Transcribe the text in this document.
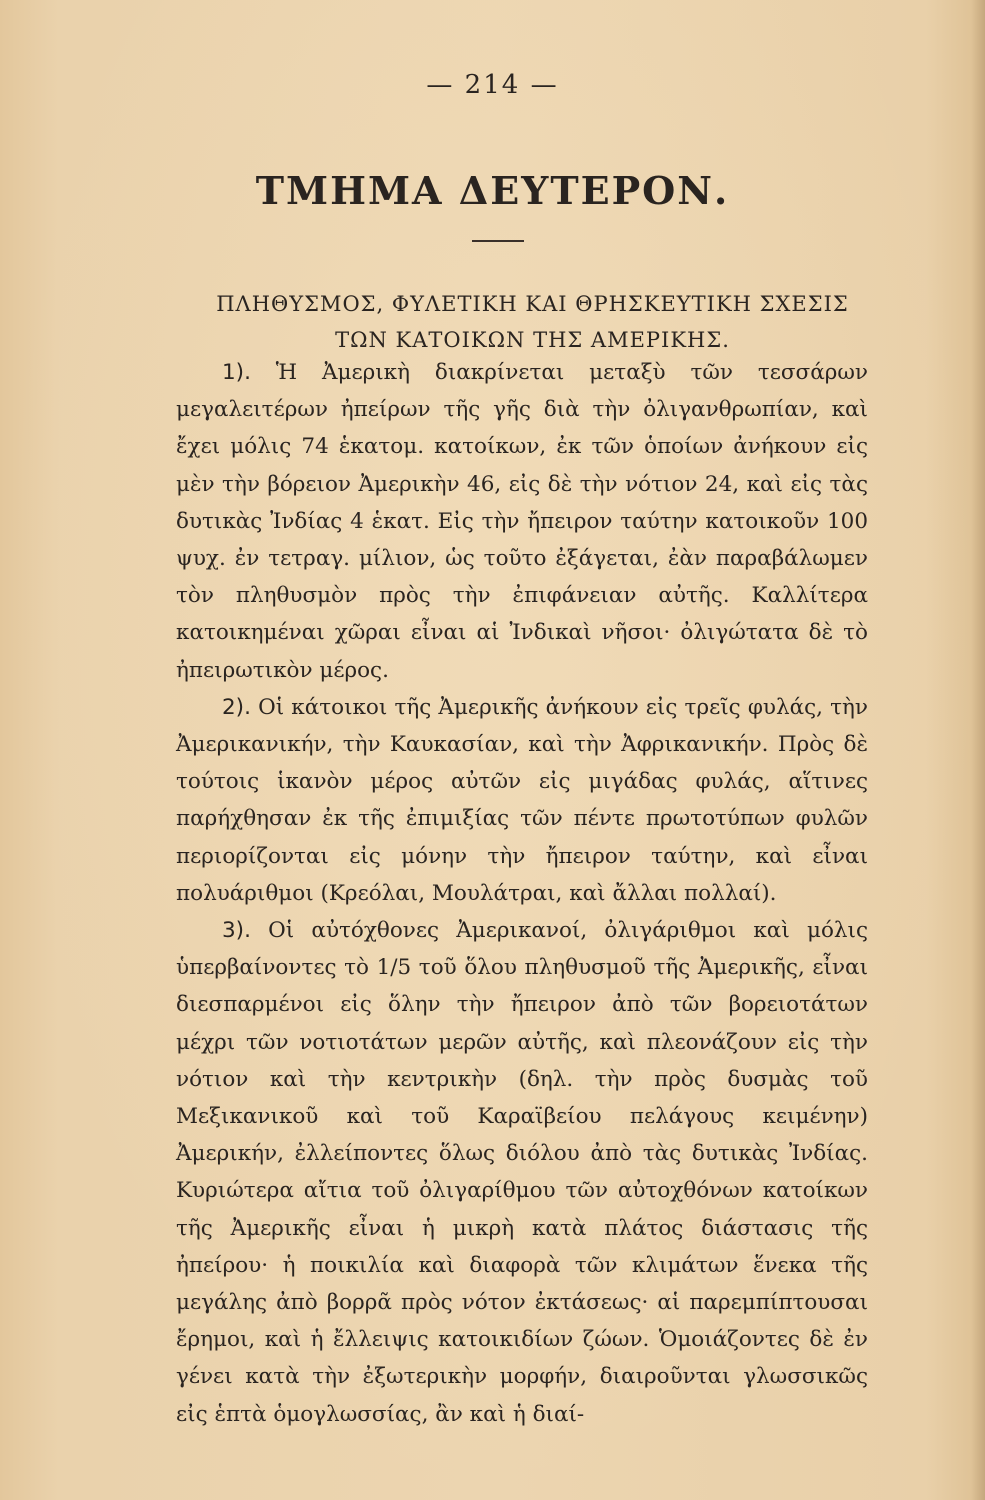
— 214 —
ΤΜΗΜΑ ΔΕΥΤΕΡΟΝ.
ΠΛΗΘΥΣΜΟΣ, ΦΥΛΕΤΙΚΗ ΚΑΙ ΘΡΗΣΚΕΥΤΙΚΗ ΣΧΕΣΙΣ ΤΩΝ ΚΑΤΟΙΚΩΝ ΤΗΣ ΑΜΕΡΙΚΗΣ.

1). Ἡ Ἀμερικὴ διακρίνεται μεταξὺ τῶν τεσσάρων μεγαλειτέρων ἠπείρων τῆς γῆς διὰ τὴν ὀλιγανθρωπίαν, καὶ ἔχει μόλις 74 ἑκατομ. κατοίκων, ἐκ τῶν ὁποίων ἀνήκουν εἰς μὲν τὴν βόρειον Ἀμερικὴν 46, εἰς δὲ τὴν νότιον 24, καὶ εἰς τὰς δυτικὰς Ἰνδίας 4 ἑκατ. Εἰς τὴν ἤπειρον ταύτην κατοικοῦν 100 ψυχ. ἐν τετραγ. μίλιον, ὡς τοῦτο ἐξάγεται, ἐὰν παραβάλωμεν τὸν πληθυσμὸν πρὸς τὴν ἐπιφάνειαν αὐτῆς. Καλλίτερα κατοικημέναι χῶραι εἶναι αἱ Ἰνδικαὶ νῆσοι· ὀλιγώτατα δὲ τὸ ἠπειρωτικὸν μέρος.

2). Οἱ κάτοικοι τῆς Ἀμερικῆς ἀνήκουν εἰς τρεῖς φυλάς, τὴν Ἀμερικανικήν, τὴν Καυκασίαν, καὶ τὴν Ἀφρικανικήν. Πρὸς δὲ τούτοις ἱκανὸν μέρος αὐτῶν εἰς μιγάδας φυλάς, αἵτινες παρήχθησαν ἐκ τῆς ἐπιμιξίας τῶν πέντε πρωτοτύπων φυλῶν περιορίζονται εἰς μόνην τὴν ἤπειρον ταύτην, καὶ εἶναι πολυάριθμοι (Κρεόλαι, Μουλάτραι, καὶ ἄλλαι πολλαί).

3). Οἱ αὐτόχθονες Ἀμερικανοί, ὀλιγάριθμοι καὶ μόλις ὑπερβαίνοντες τὸ 1/5 τοῦ ὅλου πληθυσμοῦ τῆς Ἀμερικῆς, εἶναι διεσπαρμένοι εἰς ὅλην τὴν ἤπειρον ἀπὸ τῶν βορειοτάτων μέχρι τῶν νοτιοτάτων μερῶν αὐτῆς, καὶ πλεονάζουν εἰς τὴν νότιον καὶ τὴν κεντρικὴν (δηλ. τὴν πρὸς δυσμὰς τοῦ Μεξικανικοῦ καὶ τοῦ Καραϊβείου πελάγους κειμένην) Ἀμερικήν, ἐλλείποντες ὅλως διόλου ἀπὸ τὰς δυτικὰς Ἰνδίας. Κυριώτερα αἴτια τοῦ ὀλιγαρίθμου τῶν αὐτοχθόνων κατοίκων τῆς Ἀμερικῆς εἶναι ἡ μικρὴ κατὰ πλάτος διάστασις τῆς ἠπείρου· ἡ ποικιλία καὶ διαφορὰ τῶν κλιμάτων ἕνεκα τῆς μεγάλης ἀπὸ βορρᾶ πρὸς νότον ἐκτάσεως· αἱ παρεμπίπτουσαι ἔρημοι, καὶ ἡ ἔλλειψις κατοικιδίων ζώων. Ὁμοιάζοντες δὲ ἐν γένει κατὰ τὴν ἐξωτερικὴν μορφήν, διαιροῦνται γλωσσικῶς εἰς ἑπτὰ ὁμογλωσσίας, ἂν καὶ ἡ διαί-
